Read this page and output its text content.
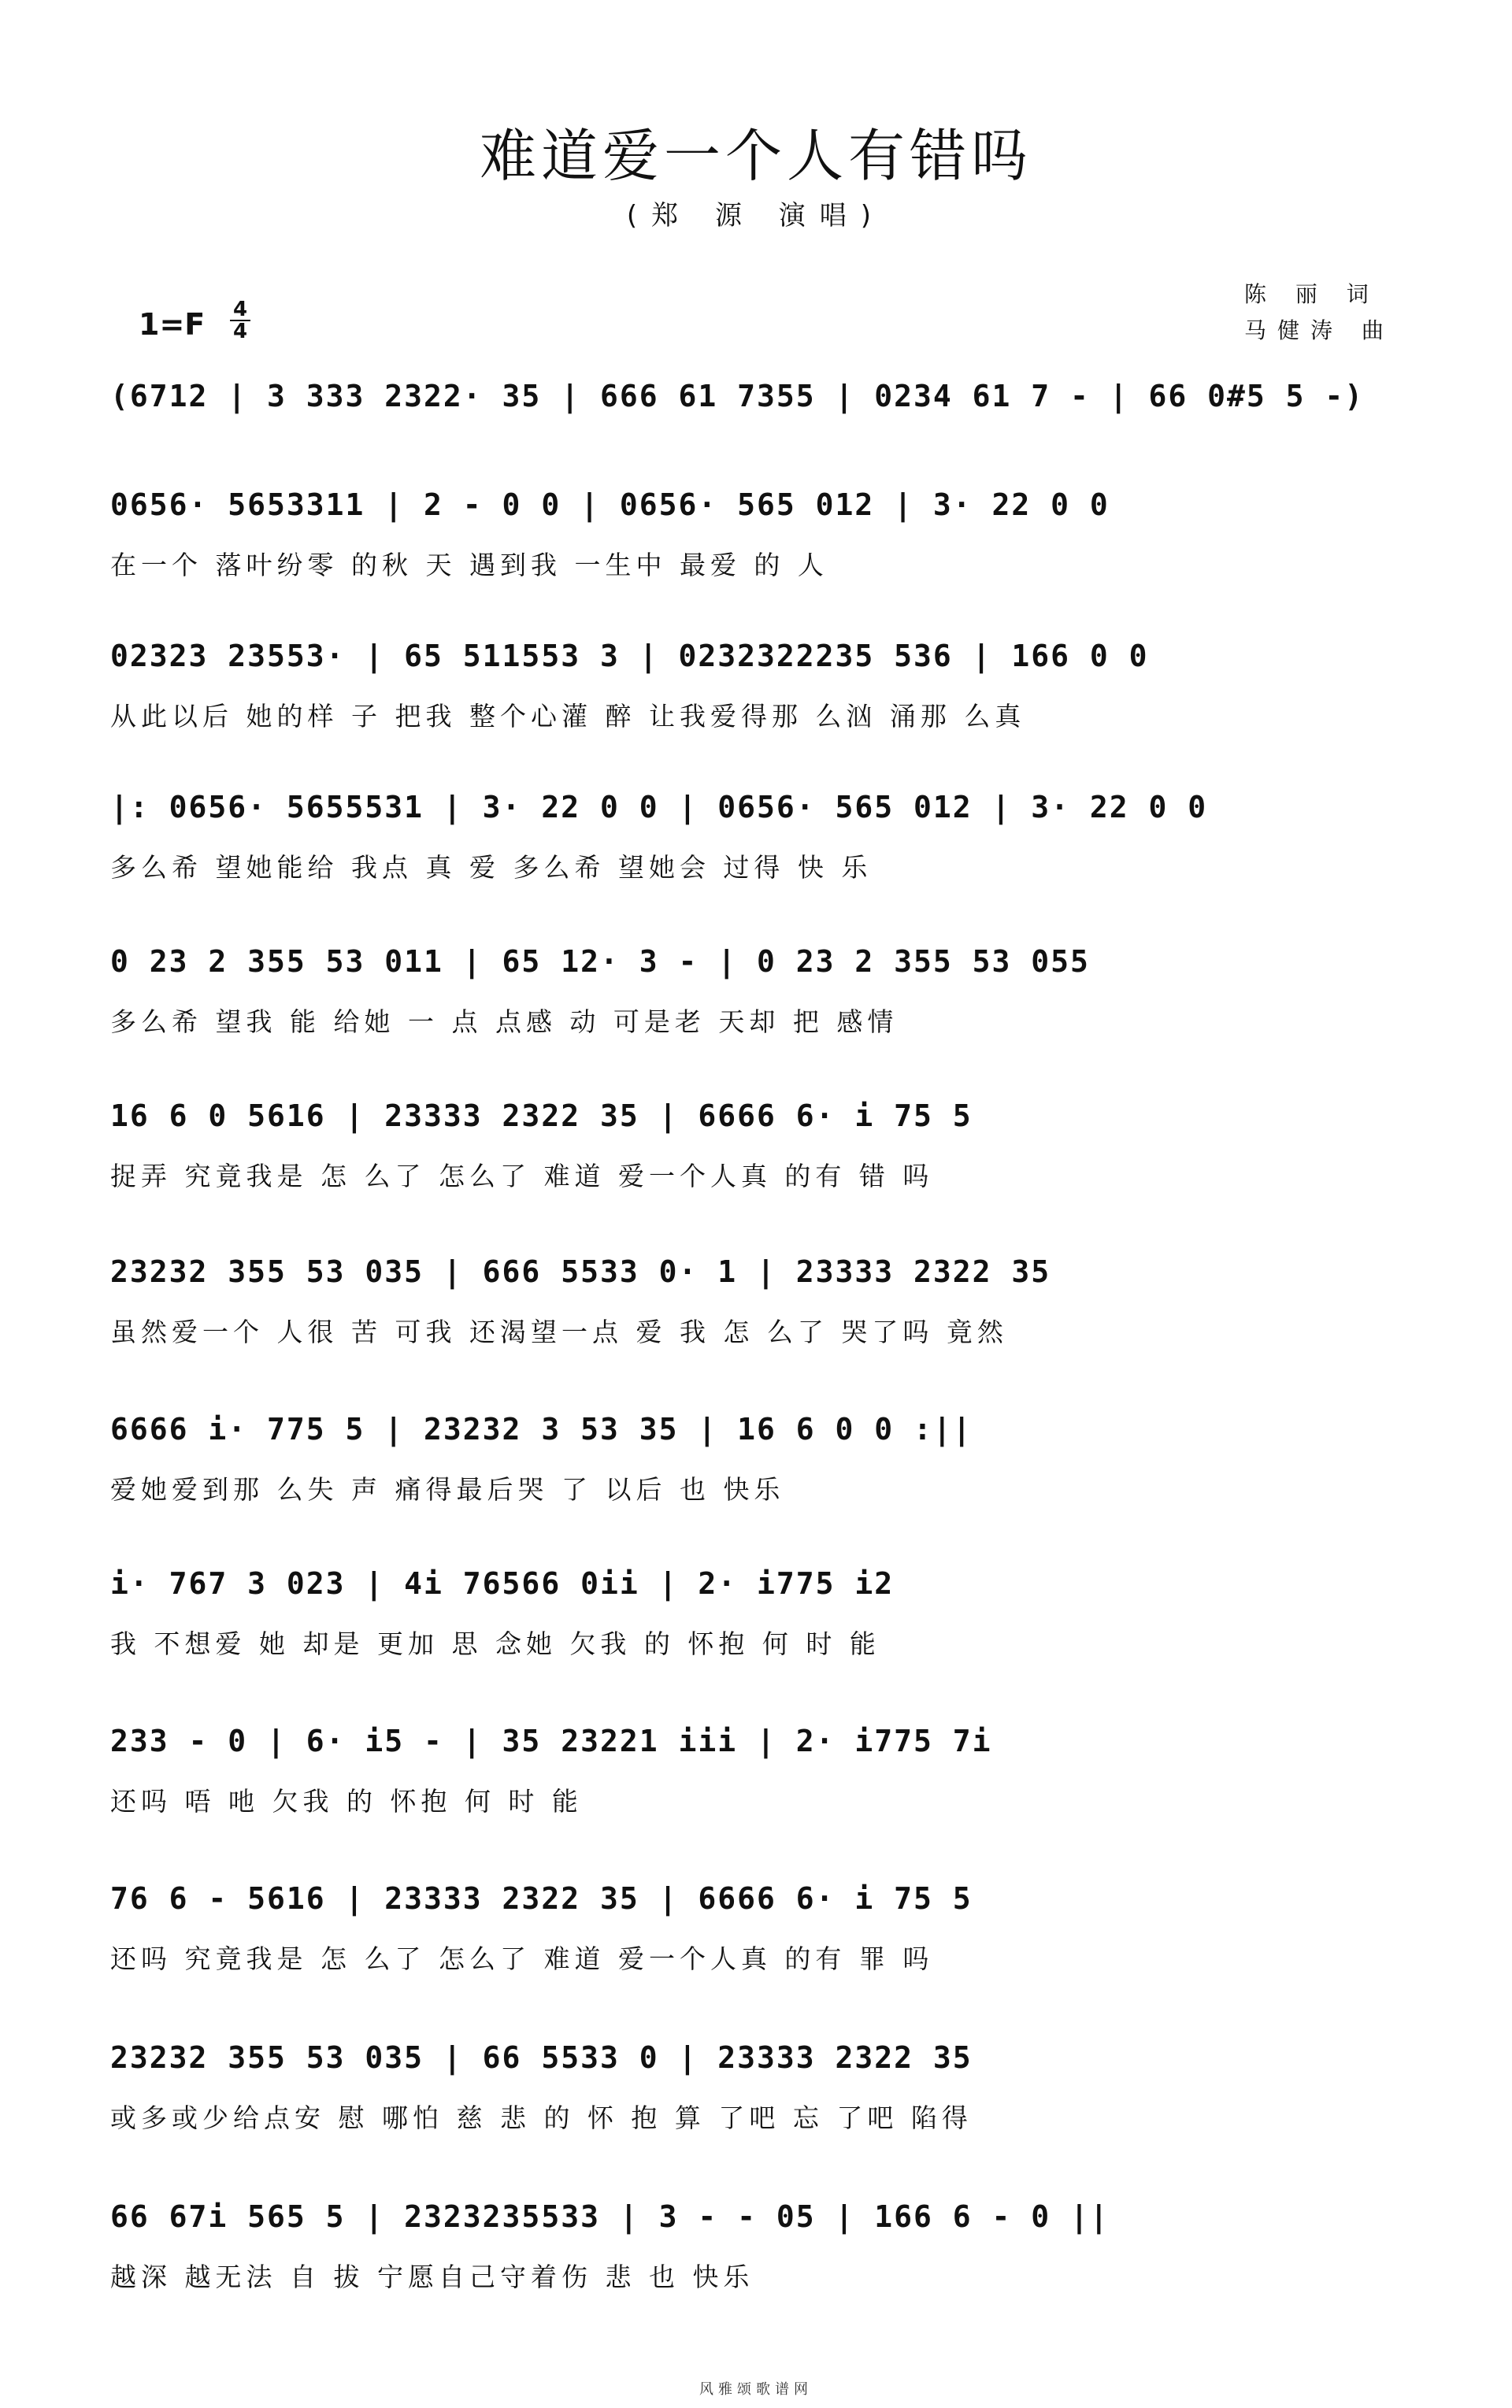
难道爱一个人有错吗
(郑 源 演唱)
陈 丽 词
马健涛 曲
1=F 4
4
(6712 | 3 333 2322· 35 | 666 61 7355 | 0234 61 7 - | 66 0#5 5 -)
0656· 5653311 | 2 - 0 0 | 0656· 565 012 | 3· 22 0 0
在一个 落叶纷零 的秋 天 遇到我 一生中 最爱 的 人
02323 23553· | 65 511553 3 | 0232322235 536 | 166 0 0
从此以后 她的样 子 把我 整个心灌 醉 让我爱得那 么汹 涌那 么真
|: 0656· 5655531 | 3· 22 0 0 | 0656· 565 012 | 3· 22 0 0
多么希 望她能给 我点 真 爱 多么希 望她会 过得 快 乐
0 23 2 355 53 011 | 65 12· 3 - | 0 23 2 355 53 055
多么希 望我 能 给她 一 点 点感 动 可是老 天却 把 感情
16 6 0 5616 | 23333 2322 35 | 6666 6· i 75 5
捉弄 究竟我是 怎 么了 怎么了 难道 爱一个人真 的有 错 吗
23232 355 53 035 | 666 5533 0· 1 | 23333 2322 35
虽然爱一个 人很 苦 可我 还渴望一点 爱 我 怎 么了 哭了吗 竟然
6666 i· 775 5 | 23232 3 53 35 | 16 6 0 0 :||
爱她爱到那 么失 声 痛得最后哭 了 以后 也 快乐
i· 767 3 023 | 4i 76566 0ii | 2· i775 i2
我 不想爱 她 却是 更加 思 念她 欠我 的 怀抱 何 时 能
233 - 0 | 6· i5 - | 35 23221 iii | 2· i775 7i
还吗 唔 吔 欠我 的 怀抱 何 时 能
76 6 - 5616 | 23333 2322 35 | 6666 6· i 75 5
还吗 究竟我是 怎 么了 怎么了 难道 爱一个人真 的有 罪 吗
23232 355 53 035 | 66 5533 0 | 23333 2322 35
或多或少给点安 慰 哪怕 慈 悲 的 怀 抱 算 了吧 忘 了吧 陷得
66 67i 565 5 | 2323235533 | 3 - - 05 | 166 6 - 0 ||
越深 越无法 自 拔 宁愿自己守着伤 悲 也 快乐
风雅颂歌谱网
